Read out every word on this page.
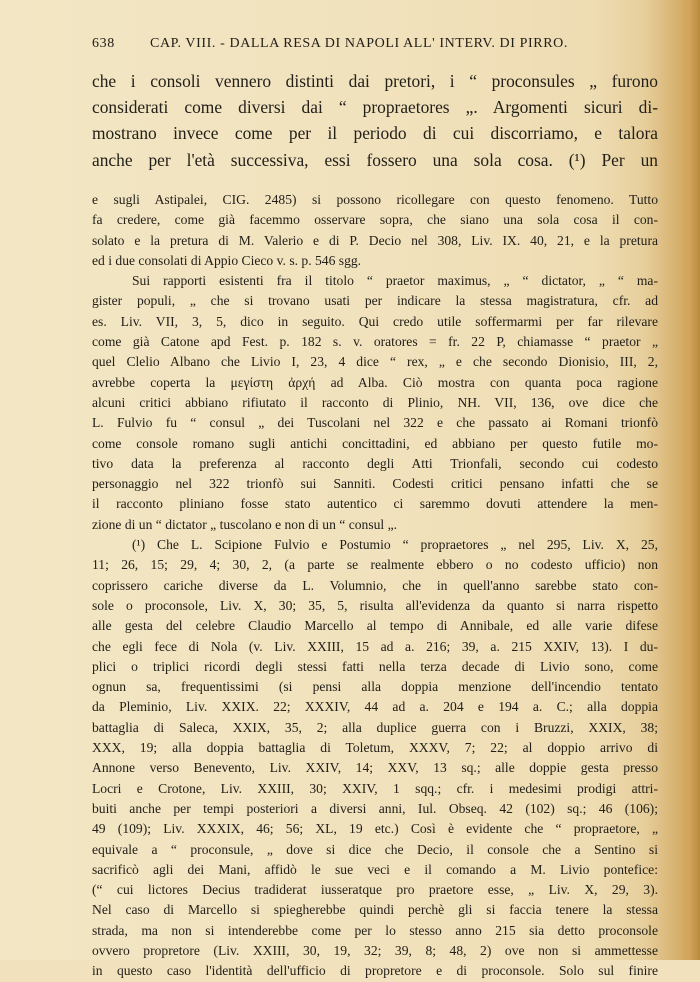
638	CAP. VIII. - DALLA RESA DI NAPOLI ALL' INTERV. DI PIRRO.
che i consoli vennero distinti dai pretori, i “ proconsules „ furono
considerati come diversi dai “ propraetores „. Argomenti sicuri di-
mostrano invece come per il periodo di cui discorriamo, e talora
anche per l'età successiva, essi fossero una sola cosa. (¹) Per un
e sugli Astipalei, CIG. 2485) si possono ricollegare con questo fenomeno. Tutto
fa credere, come già facemmo osservare sopra, che siano una sola cosa il con-
solato e la pretura di M. Valerio e di P. Decio nel 308, Liv. IX. 40, 21, e la pretura
ed i due consolati di Appio Cieco v. s. p. 546 sgg.
Sui rapporti esistenti fra il titolo “ praetor maximus, „ “ dictator, „ “ ma-
gister populi, „ che si trovano usati per indicare la stessa magistratura, cfr. ad
es. Liv. VII, 3, 5, dico in seguito. Qui credo utile soffermarmi per far rilevare
come già Catone apd Fest. p. 182 s. v. oratores = fr. 22 P, chiamasse “ praetor „
quel Clelio Albano che Livio I, 23, 4 dice “ rex, „ e che secondo Dionisio, III, 2,
avrebbe coperta la μεγίστη ἀρχή ad Alba. Ciò mostra con quanta poca ragione
alcuni critici abbiano rifiutato il racconto di Plinio, NH. VII, 136, ove dice che
L. Fulvio fu “ consul „ dei Tuscolani nel 322 e che passato ai Romani trionfò
come console romano sugli antichi concittadini, ed abbiano per questo futile mo-
tivo data la preferenza al racconto degli Atti Trionfali, secondo cui codesto
personaggio nel 322 trionfò sui Sanniti. Codesti critici pensano infatti che se
il racconto pliniano fosse stato autentico ci saremmo dovuti attendere la men-
zione di un “ dictator „ tuscolano e non di un “ consul „.
(¹) Che L. Scipione Fulvio e Postumio “ propraetores „ nel 295, Liv. X, 25,
11; 26, 15; 29, 4; 30, 2, (a parte se realmente ebbero o no codesto ufficio) non
coprissero cariche diverse da L. Volumnio, che in quell'anno sarebbe stato con-
sole o proconsole, Liv. X, 30; 35, 5, risulta all'evidenza da quanto si narra rispetto
alle gesta del celebre Claudio Marcello al tempo di Annibale, ed alle varie difese
che egli fece di Nola (v. Liv. XXIII, 15 ad a. 216; 39, a. 215 XXIV, 13). I du-
plici o triplici ricordi degli stessi fatti nella terza decade di Livio sono, come
ognun sa, frequentissimi (si pensi alla doppia menzione dell'incendio tentato
da Pleminio, Liv. XXIX. 22; XXXIV, 44 ad a. 204 e 194 a. C.; alla doppia
battaglia di Saleca, XXIX, 35, 2; alla duplice guerra con i Bruzzi, XXIX, 38;
XXX, 19; alla doppia battaglia di Toletum, XXXV, 7; 22; al doppio arrivo di
Annone verso Benevento, Liv. XXIV, 14; XXV, 13 sq.; alle doppie gesta presso
Locri e Crotone, Liv. XXIII, 30; XXIV, 1 sqq.; cfr. i medesimi prodigi attri-
buiti anche per tempi posteriori a diversi anni, Iul. Obseq. 42 (102) sq.; 46 (106);
49 (109); Liv. XXXIX, 46; 56; XL, 19 etc.) Così è evidente che “ propraetore, „
equivale a “ proconsule, „ dove si dice che Decio, il console che a Sentino si
sacrificò agli dei Mani, affidò le sue veci e il comando a M. Livio pontefice:
(“ cui lictores Decius tradiderat iusseratque pro praetore esse, „ Liv. X, 29, 3).
Nel caso di Marcello si spiegherebbe quindi perchè gli si faccia tenere la stessa
strada, ma non si intenderebbe come per lo stesso anno 215 sia detto proconsole
ovvero propretore (Liv. XXIII, 30, 19, 32; 39, 8; 48, 2) ove non si ammettesse
in questo caso l'identità dell'ufficio di propretore e di proconsole. Solo sul finire
